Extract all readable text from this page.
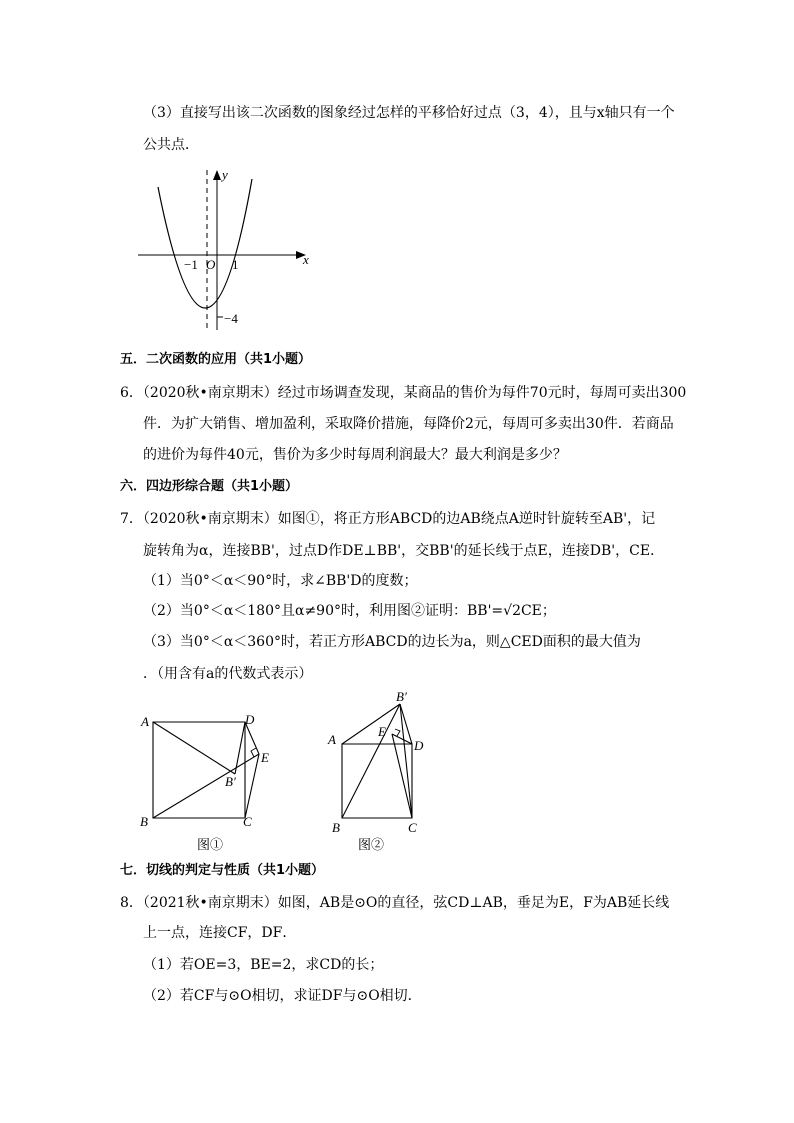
（3）直接写出该二次函数的图象经过怎样的平移恰好过点（3，4），且与x轴只有一个
公共点．
y
x
O
−1	1
−4
五．二次函数的应用（共1小题）
6．（2020秋•南京期末）经过市场调查发现，某商品的售价为每件70元时，每周可卖出300
件．为扩大销售、增加盈利，采取降价措施，每降价2元，每周可多卖出30件．若商品
的进价为每件40元，售价为多少时每周利润最大？最大利润是多少？
六．四边形综合题（共1小题）
7．（2020秋•南京期末）如图①，将正方形ABCD的边AB绕点A逆时针旋转至AB'，记
旋转角为α，连接BB'，过点D作DE⊥BB'，交BB'的延长线于点E，连接DB'，CE．
（1）当0°＜α＜90°时，求∠BB'D的度数；
（2）当0°＜α＜180°且α≠90°时，利用图②证明：BB'=√2CE；
（3）当0°＜α＜360°时，若正方形ABCD的边长为a，则△CED面积的最大值为
．（用含有a的代数式表示）
A	D
E
B′
B	C
图①
B′
E
A	D
B	C
图②
七．切线的判定与性质（共1小题）
8．（2021秋•南京期末）如图，AB是⊙O的直径，弦CD⊥AB，垂足为E，F为AB延长线
上一点，连接CF，DF．
（1）若OE=3，BE=2，求CD的长；
（2）若CF与⊙O相切，求证DF与⊙O相切．
